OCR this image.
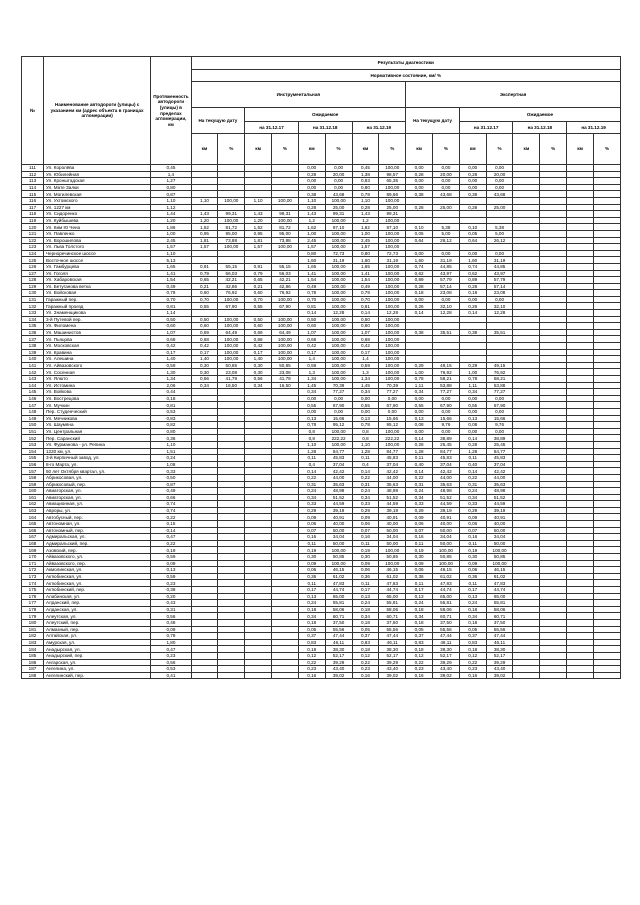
№	Наименование автодороги (улицы) с указанием км (адрес объекта в границах агломерации)	Протяженность автодороги (улицы) в пределах агломерации, км	Результаты диагностики															
			Нормативное состояние, км/ %															
			Инструментальная								Экспертная							
			На текущую дату		Ожидаемое						На текущую дату		Ожидаемое					
					на 31.12.17		на 31.12.18		на 31.12.19				на 31.12.17		на 31.12.18		на 31.12.19	
			км	%	км	%	км	%	км	%	км	%	км	%	км	%	км	%
111	Ул. Королёва	0,45					0,00	0,00	0,45	100,00	0,00	0,00	0,00	0,00				
112	Ул. Юбилейная	1,4					0,28	20,00	1,38	98,57	0,28	20,00	0,28	20,00				
113	Ул. Кронштадская	1,27					0,00	0,00	0,83	65,35	0,00	0,00	0,00	0,00				
114	Ул. Мате Залки	0,80					0,00	0,00	0,80	100,00	0,00	0,00	0,00	0,00				
115	Ул. Могилевская	0,87					0,38	43,68	0,78	89,66	0,38	43,68	0,38	43,68				
116	Ул. Ухтомского	1,10	1,10	100,00	1,10	100,00	1,10	100,00	1,10	100,00								
117	Ул. 1227 км	1,12					0,28	25,00	0,28	25,00	0,28	25,00	0,28	25,00				
118	Ул. Сидоренко	1,44	1,43	99,31	1,43	99,31	1,43	99,31	1,43	99,31								
119	Ул. Куйбышева	1,20	1,20	100,00	1,20	100,00	1,2	100,00	1,2	100,00								
120	Ул. Ким Ю Чена	1,86	1,52	81,72	1,52	81,72	1,62	87,10	1,62	87,10	0,10	5,38	0,10	5,38				
121	Ул. Павленко	1,00	0,95	95,00	0,95	95,00	1,00	100,00	1,00	100,00	0,05	5,00	0,05	5,00				
122	Ул. Ворошилова	2,45	1,81	73,88	1,81	73,88	2,45	100,00	2,45	100,00	0,64	26,12	0,64	26,12				
123	Ул. Льва Толстого	1,57	1,57	100,00	1,57	100,00	1,57	100,00	1,57	100,00								
124	Черноречинское шоссе	1,10					0,80	72,73	0,80	72,73	0,00	0,00	0,00	0,00				
125	Восточное шоссе	5,13					1,60	31,19	1,60	31,19	1,60	31,19	1,60	31,19				
126	Ул. Гамбурцева	1,65	0,91	55,15	0,91	55,15	1,65	100,00	1,65	100,00	0,74	44,85	0,74	44,85				
127	Ул. Гоголя	1,41	0,79	56,03	0,79	56,03	1,41	100,00	1,41	100,00	0,62	43,97	0,62	43,97				
128	Ул. Хабаровская	1,54	0,65	42,21	0,65	42,21	1,54	100,00	1,54	100,00	0,89	57,79	0,89	57,79				
129	Ул. Бетуганова ветка	0,49	0,21	42,86	0,21	42,86	0,49	100,00	0,49	100,00	0,28	57,14	0,28	57,14				
130	Ул. Войсковая	0,78	0,60	76,92	0,60	76,92	0,78	100,00	0,78	100,00	0,18	23,08	0,18	23,08				
131	Гаражный пер.	0,70	0,70	100,00	0,70	100,00	0,70	100,00	0,70	100,00	0,00	0,00	0,00	0,00				
132	Гаражный проезд	0,81	0,55	67,90	0,55	67,90	0,81	100,00	0,81	100,00	0,26	32,10	0,26	32,10				
133	Ул. Знаменщикова	1,14					0,14	12,28	0,14	12,28	0,14	12,28	0,14	12,28				
134	3-й Путевой пер.	0,50	0,50	100,00	0,50	100,00	0,50	100,00	0,50	100,00								
135	Ул. Филомена	0,60	0,60	100,00	0,60	100,00	0,60	100,00	0,60	100,00								
136	Ул. Машинистов	1,07	0,69	64,49	0,69	64,49	1,07	100,00	1,07	100,00	0,38	35,51	0,38	35,51				
137	Ул. Пьяцова	0,68	0,68	100,00	0,68	100,00	0,68	100,00	0,68	100,00								
138	Ул. Московская	0,42	0,42	100,00	0,42	100,00	0,42	100,00	0,42	100,00								
139	Ул. Кравина	0,17	0,17	100,00	0,17	100,00	0,17	100,00	0,17	100,00								
140	Ул. Алешина	1,40	1,40	100,00	1,40	100,00	1,4	100,00	1,4	100,00								
141	Ул. Айвазовского	0,59	0,30	50,85	0,30	50,85	0,59	100,00	0,59	100,00	0,29	49,15	0,29	49,15				
142	Ул. Сосенная	1,30	0,30	23,08	0,30	23,08	1,3	100,00	1,3	100,00	1,00	76,92	1,00	76,92				
143	Ул. Ялюто	1,34	0,56	41,79	0,56	41,79	1,34	100,00	1,34	100,00	0,78	58,21	0,78	58,21				
144	Ул. Истомина	2,06	0,34	16,50	0,34	16,50	1,45	70,39	1,45	70,39	1,11	53,88	1,11	53,88				
145	Ул. Войкова	0,44					0,34	77,27	0,34	77,27	0,34	77,27	0,34	77,27				
146	Ул. Вострецова	0,18					0,00	0,00	0,00	0,00	0,00	0,00	0,00	0,00				
147	Ул. Мучкин	0,81					0,55	67,90	0,55	67,90	0,55	67,90	0,55	67,90				
148	Пер. Студенческий	0,53					0,00	0,00	0,00	0,00	0,00	0,00	0,00	0,00				
149	Ул. Мечникова	0,83					0,13	15,66	0,13	15,66	0,13	15,66	0,13	15,66				
150	Ул. Шаумяна	0,82					0,78	95,12	0,78	95,12	0,08	9,76	0,08	9,76				
151	Ул. Центральная	0,80					0,8	100,00	0,8	100,00	0,00	0,00	0,00	0,00				
152	Пер. Саранский	0,36					0,8	222,22	0,8	222,22	0,14	38,89	0,14	38,89				
153	Ул. Фурманова - ул. Репина	1,10					1,10	100,00	1,10	100,00	0,28	25,45	0,28	25,45				
154	1220 км, ул.	1,51					1,28	84,77	1,28	84,77	1,28	84,77	1,28	84,77				
155	3-й Кирпичный завод, ул.	0,24					0,11	45,83	0,11	45,83	0,11	45,83	0,11	45,83				
156	8-го Марта, ул.	1,08					0,4	37,04	0,4	37,04	0,40	37,04	0,40	37,04				
157	50 лет Октября квартал, ул.	0,33					0,14	42,42	0,14	42,42	0,14	42,42	0,14	42,42				
158	Абрикосовая, ул.	0,50					0,22	44,00	0,22	44,00	0,22	44,00	0,22	44,00				
159	Абрикосовый, пер.	0,87					0,31	35,63	0,31	35,63	0,31	35,63	0,31	35,63				
160	Авиаторская, ул.	0,49					0,24	48,98	0,24	48,98	0,24	48,98	0,24	48,98				
161	Авиаторская, ул.	0,66					0,34	51,52	0,34	51,52	0,34	51,52	0,34	51,52				
162	Авиационная, ул.	0,74					0,33	44,59	0,33	44,59	0,33	44,59	0,33	44,59				
163	Авроры, ул.	0,74					0,29	39,19	0,29	39,19	0,29	39,19	0,29	39,19				
164	Автобусный, пер.	0,22					0,09	40,91	0,09	40,91	0,09	40,91	0,09	40,91				
165	Автономная, ул.	0,15					0,06	40,00	0,06	40,00	0,06	40,00	0,06	40,00				
166	Автономный, пер.	0,14					0,07	50,00	0,07	50,00	0,07	50,00	0,07	50,00				
167	Адмиральская, ул.	0,47					0,16	34,04	0,16	34,04	0,16	34,04	0,16	34,04				
168	Адмиральский, пер.	0,22					0,11	50,00	0,11	50,00	0,11	50,00	0,11	50,00				
169	Азовский, пер.	0,19					0,19	100,00	0,19	100,00	0,19	100,00	0,19	100,00				
170	Айвазовского, ул.	0,59					0,30	50,85	0,30	50,85	0,30	50,85	0,30	50,85				
171	Айвазовского, пер.	0,09					0,09	100,00	0,09	100,00	0,09	100,00	0,09	100,00				
172	Акмолинская, ул.	0,13					0,06	46,15	0,06	46,15	0,06	46,15	0,06	46,15				
173	Актюбинская, ул.	0,59					0,36	61,02	0,36	61,02	0,36	61,02	0,36	61,02				
174	Актюбинская, ул.	0,23					0,11	47,83	0,11	47,83	0,11	47,83	0,11	47,83				
175	Актюбинский, пер.	0,38					0,17	44,74	0,17	44,74	0,17	44,74	0,17	44,74				
176	Алабинская, ул.	0,20					0,13	65,00	0,13	65,00	0,13	65,00	0,13	65,00				
177	Алданский, пер.	0,43					0,24	55,81	0,24	55,81	0,24	55,81	0,24	55,81				
178	Алданская, ул.	0,31					0,18	58,06	0,18	58,06	0,18	58,06	0,18	58,06				
179	Алеутская, ул.	0,56					0,34	60,71	0,34	60,71	0,34	60,71	0,34	60,71				
180	Алеутский, пер.	0,48					0,18	37,50	0,18	37,50	0,18	37,50	0,18	37,50				
181	Алмазный, пер.	0,09					0,05	55,56	0,05	55,56	0,05	55,56	0,05	55,56				
182	Алтайская, ул.	0,78					0,37	47,44	0,37	47,44	0,37	47,44	0,37	47,44				
183	Амурская, ул.	1,80					0,83	46,11	0,83	46,11	0,83	46,11	0,83	46,11				
184	Анадырская, ул.	0,47					0,18	38,30	0,18	38,30	0,18	38,30	0,18	38,30				
185	Анадырский, пер.	0,23					0,12	52,17	0,12	52,17	0,12	52,17	0,12	52,17				
186	Ангарская, ул.	0,56					0,22	39,29	0,22	39,29	0,22	39,29	0,22	39,29				
187	Ангелина, ул.	0,53					0,23	43,40	0,23	43,40	0,23	43,40	0,23	43,40				
188	Ангелинский, пер.	0,41					0,16	39,02	0,16	39,02	0,16	39,02	0,16	39,02				
